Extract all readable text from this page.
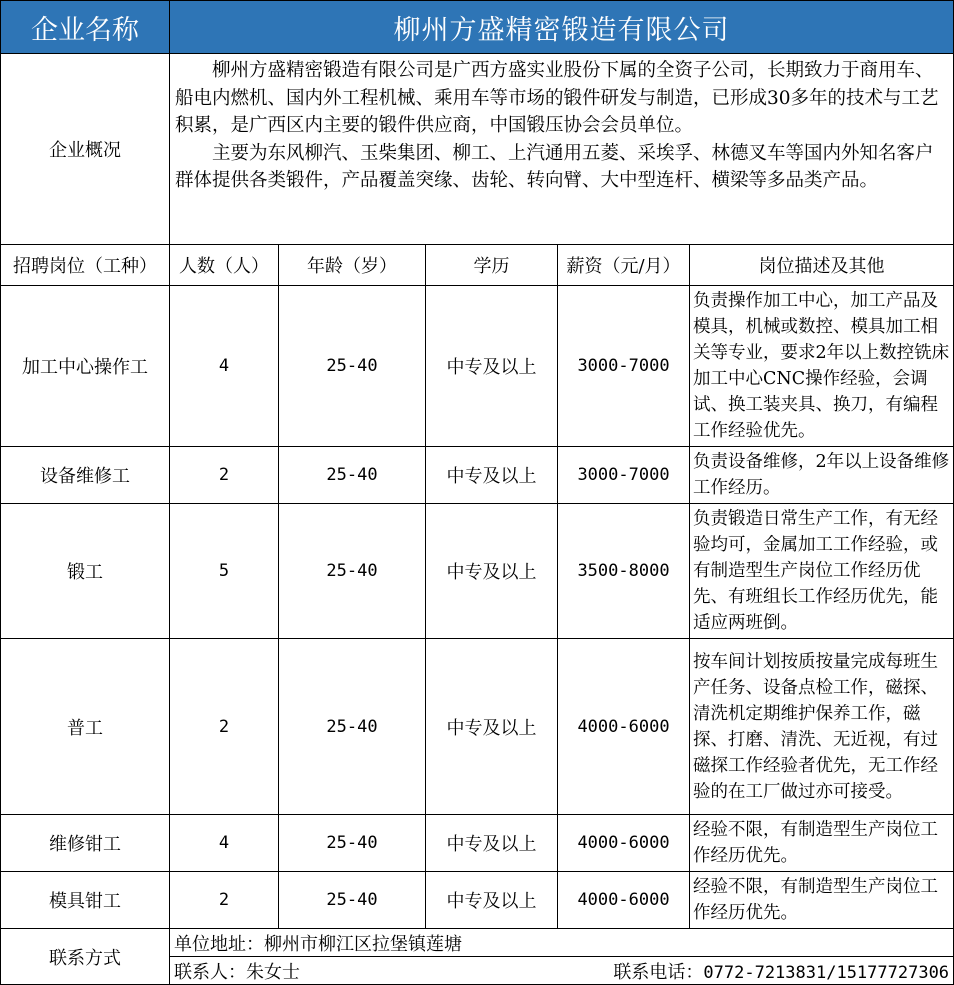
企业名称	柳州方盛精密锻造有限公司				
企业概况	柳州方盛精密锻造有限公司是广西方盛实业股份下属的全资子公司，长期致力于商用车、船电内燃机、国内外工程机械、乘用车等市场的锻件研发与制造，已形成30多年的技术与工艺积累，是广西区内主要的锻件供应商，中国锻压协会会员单位。

主要为东风柳汽、玉柴集团、柳工、上汽通用五菱、采埃孚、林德叉车等国内外知名客户群体提供各类锻件，产品覆盖突缘、齿轮、转向臂、大中型连杆、横梁等多品类产品。				

招聘岗位（工种）	人数（人）	年龄（岁）	学历	薪资（元/月）	岗位描述及其他
加工中心操作工	4	25-40	中专及以上	3000-7000	负责操作加工中心，加工产品及模具，机械或数控、模具加工相关等专业，要求2年以上数控铣床加工中心CNC操作经验，会调试、换工装夹具、换刀，有编程工作经验优先。
设备维修工	2	25-40	中专及以上	3000-7000	负责设备维修，2年以上设备维修工作经历。
锻工	5	25-40	中专及以上	3500-8000	负责锻造日常生产工作，有无经验均可，金属加工工作经验，或有制造型生产岗位工作经历优先、有班组长工作经历优先，能适应两班倒。
普工	2	25-40	中专及以上	4000-6000	按车间计划按质按量完成每班生产任务、设备点检工作，磁探、清洗机定期维护保养工作，磁探、打磨、清洗、无近视，有过磁探工作经验者优先，无工作经验的在工厂做过亦可接受。
维修钳工	4	25-40	中专及以上	4000-6000	经验不限，有制造型生产岗位工作经历优先。
模具钳工	2	25-40	中专及以上	4000-6000	经验不限，有制造型生产岗位工作经历优先。
联系方式	单位地址：柳州市柳江区拉堡镇莲塘				

	联系人：朱女士 联系电话：0772-7213831/15177727306				
